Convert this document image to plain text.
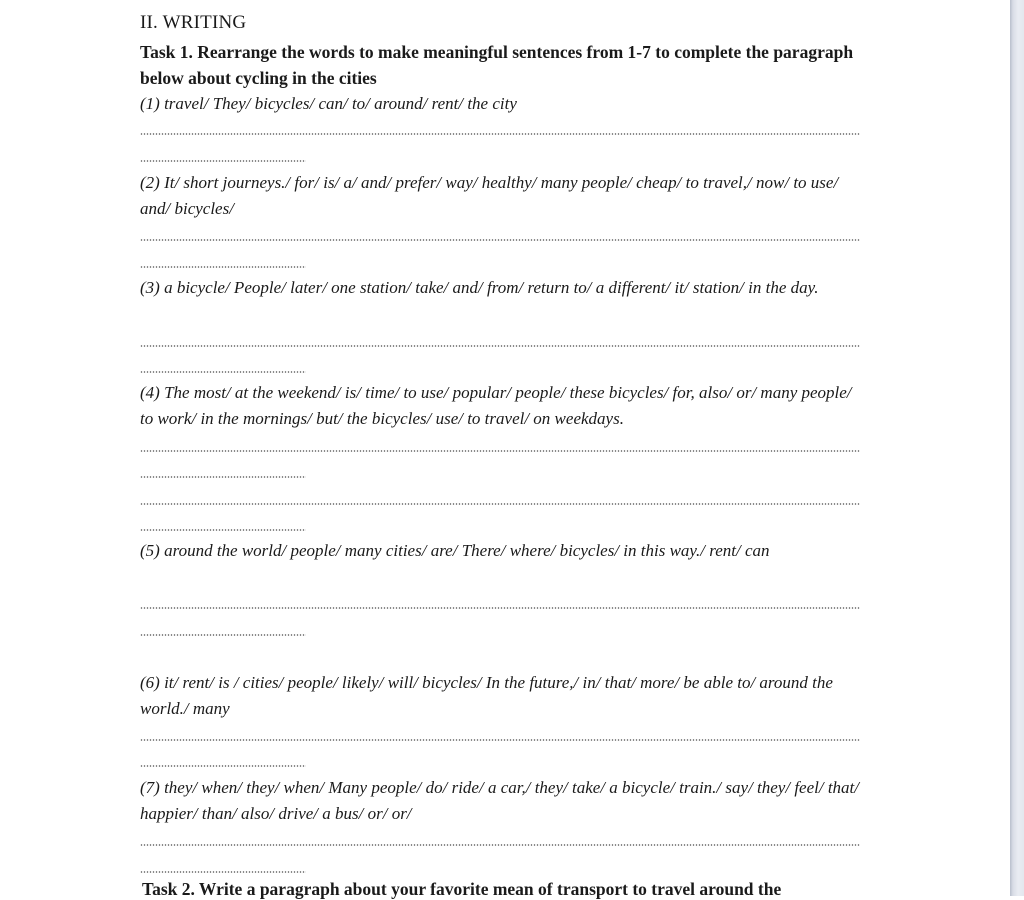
II. WRITING
Task 1. Rearrange the words to make meaningful sentences from 1-7 to complete the paragraph below about cycling in the cities
(1) travel/ They/ bicycles/ can/ to/ around/ rent/ the city
(2) It/ short journeys./ for/ is/ a/ and/ prefer/ way/ healthy/ many people/ cheap/ to travel,/ now/ to use/ and/ bicycles/
(3) a bicycle/ People/ later/ one station/ take/ and/ from/ return to/ a different/ it/ station/ in the day.
(4) The most/ at the weekend/ is/ time/ to use/ popular/ people/ these bicycles/ for, also/ or/ many people/ to work/ in the mornings/ but/ the bicycles/ use/ to travel/ on weekdays.
(5) around the world/ people/ many cities/ are/ There/ where/ bicycles/ in this way./ rent/ can
(6) it/ rent/ is / cities/ people/ likely/ will/ bicycles/ In the future,/ in/ that/ more/ be able to/ around the world./ many
(7) they/ when/ they/ when/ Many people/ do/ ride/ a car,/ they/ take/ a bicycle/ train./ say/ they/ feel/ that/ happier/ than/ also/ drive/ a bus/ or/ or/
Task 2. Write a paragraph about your favorite mean of transport to travel around the
